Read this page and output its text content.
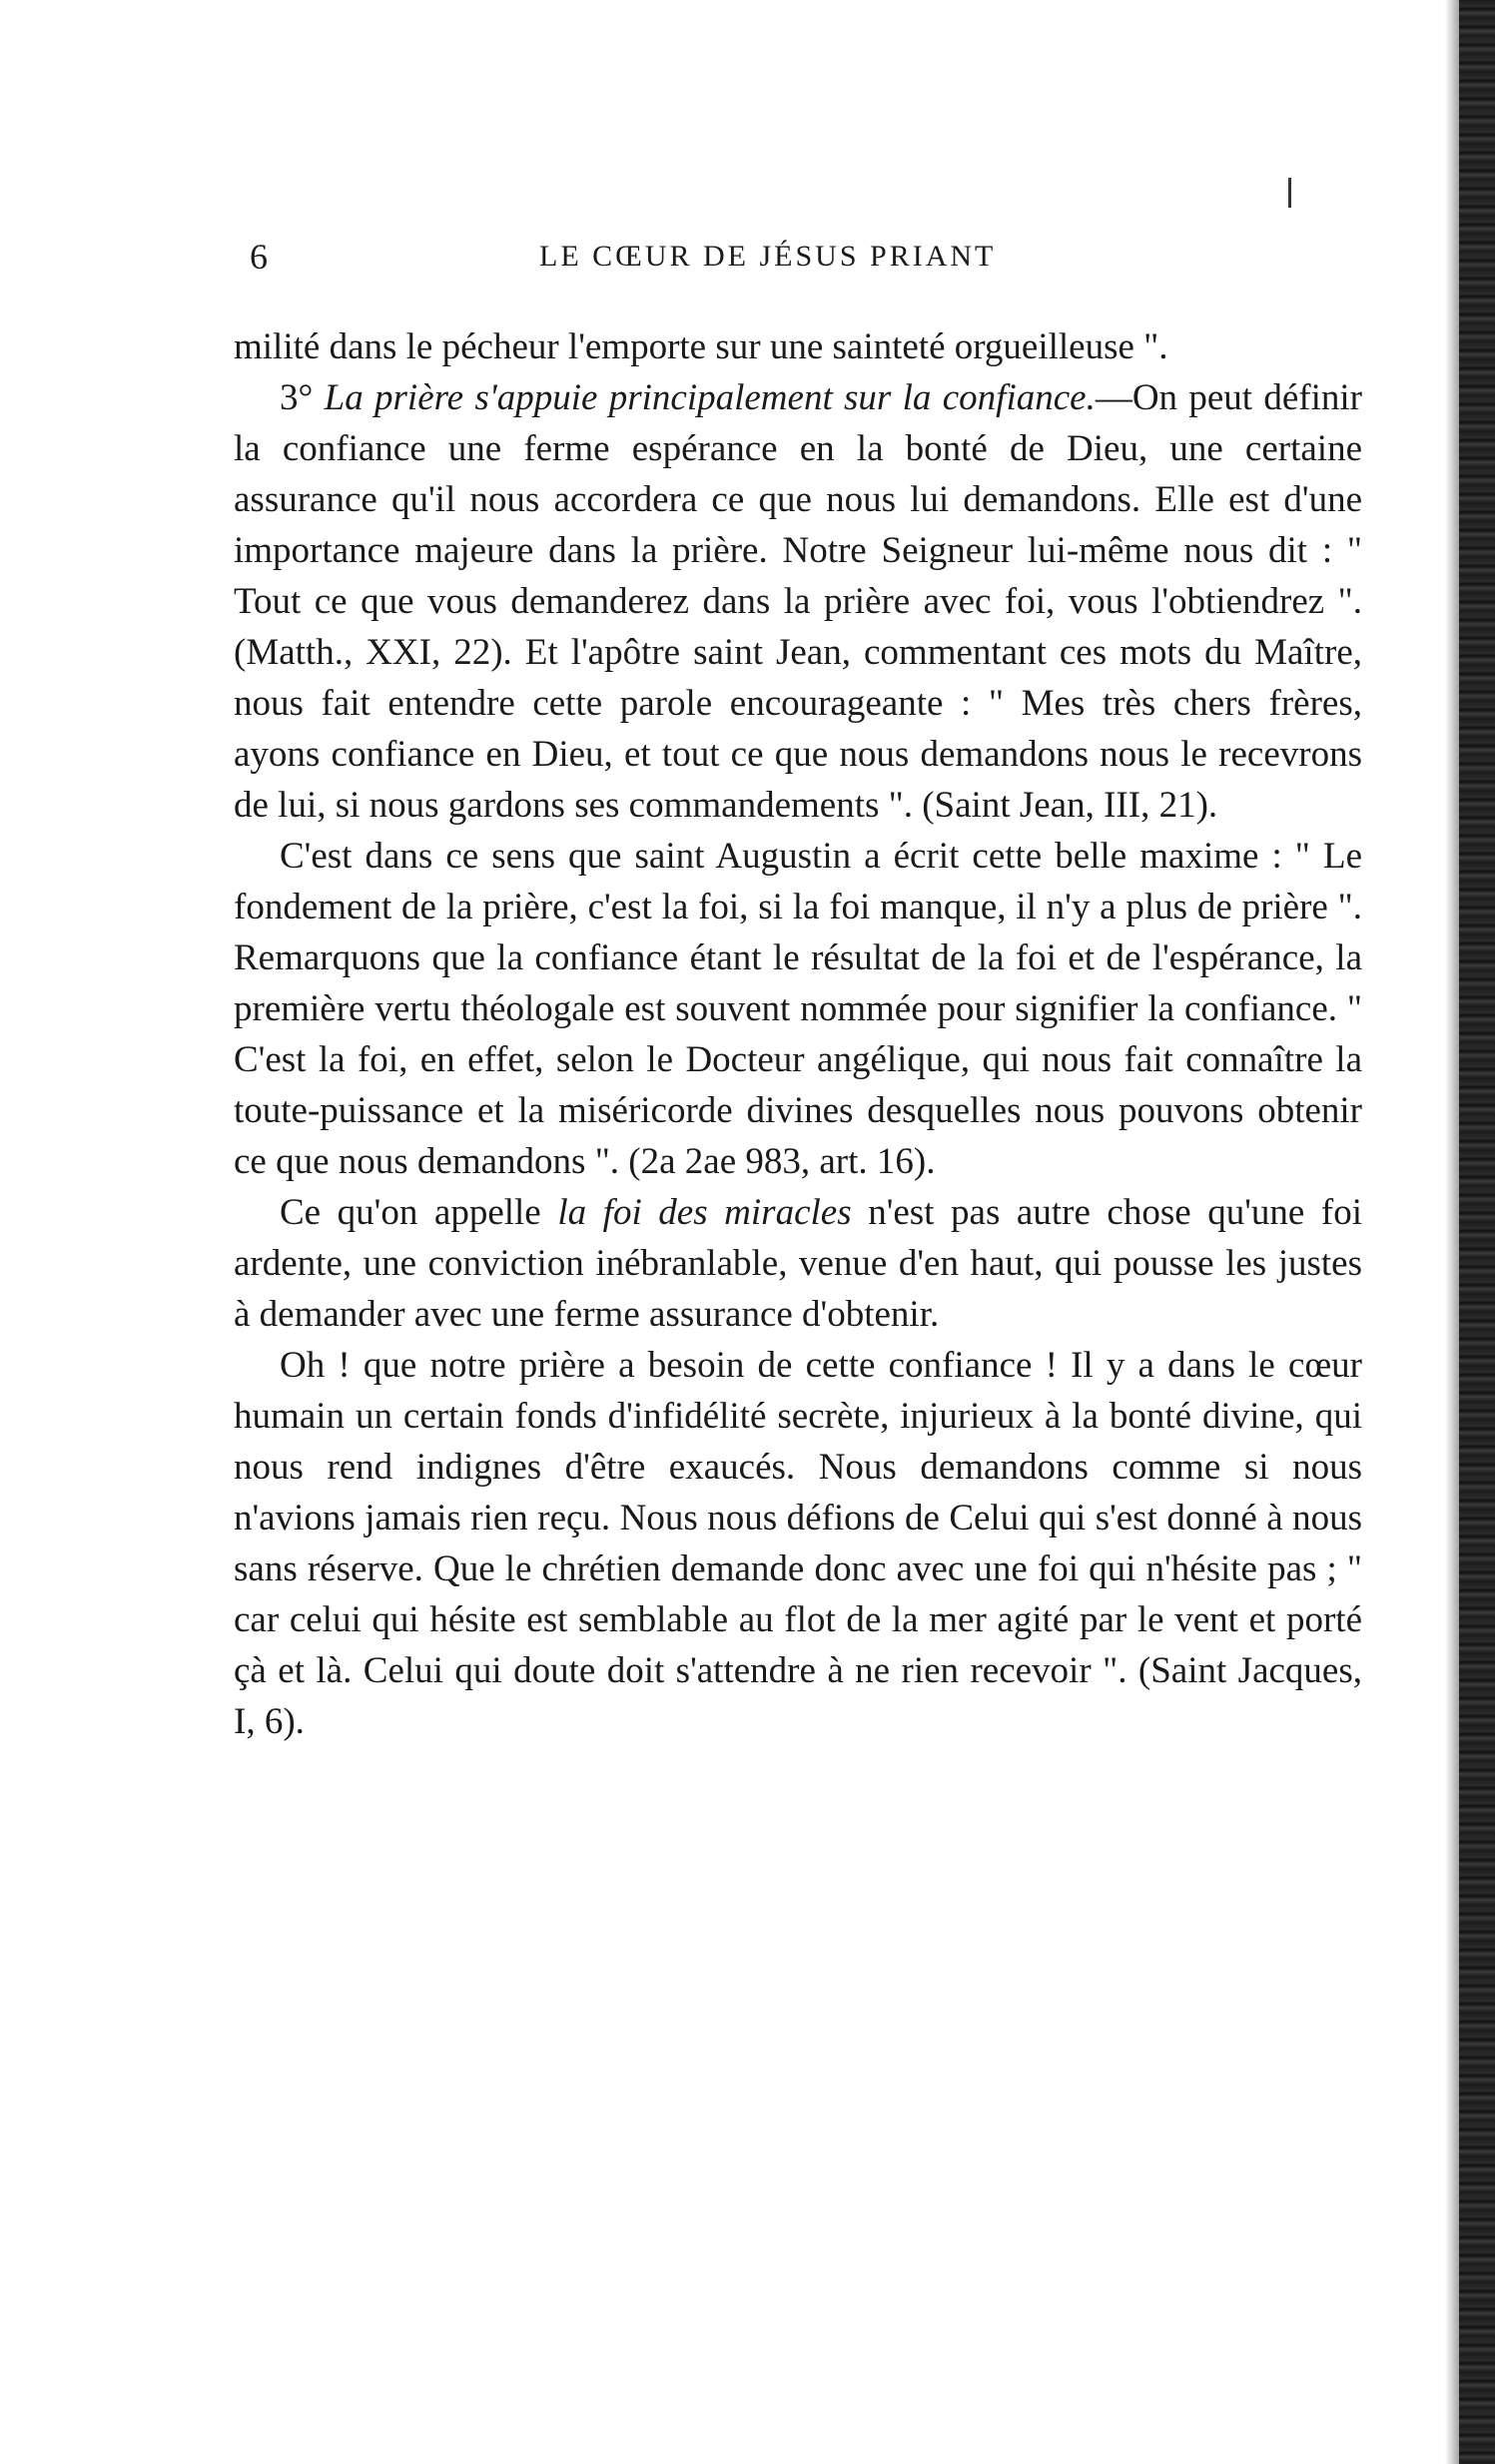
6	LE CŒUR DE JÉSUS PRIANT

milité dans le pécheur l'emporte sur une sainteté orgueilleuse ".

3° La prière s'appuie principalement sur la confiance.—On peut définir la confiance une ferme espérance en la bonté de Dieu, une certaine assurance qu'il nous accordera ce que nous lui demandons. Elle est d'une importance majeure dans la prière. Notre Seigneur lui-même nous dit : " Tout ce que vous demanderez dans la prière avec foi, vous l'obtiendrez ". (Matth., XXI, 22). Et l'apôtre saint Jean, commentant ces mots du Maître, nous fait entendre cette parole encourageante : " Mes très chers frères, ayons confiance en Dieu, et tout ce que nous demandons nous le recevrons de lui, si nous gardons ses commandements ". (Saint Jean, III, 21).

C'est dans ce sens que saint Augustin a écrit cette belle maxime : " Le fondement de la prière, c'est la foi, si la foi manque, il n'y a plus de prière ". Remarquons que la confiance étant le résultat de la foi et de l'espérance, la première vertu théologale est souvent nommée pour signifier la confiance. " C'est la foi, en effet, selon le Docteur angélique, qui nous fait connaître la toute-puissance et la miséricorde divines desquelles nous pouvons obtenir ce que nous demandons ". (2a 2ae 983, art. 16).

Ce qu'on appelle la foi des miracles n'est pas autre chose qu'une foi ardente, une conviction inébranlable, venue d'en haut, qui pousse les justes à demander avec une ferme assurance d'obtenir.

Oh ! que notre prière a besoin de cette confiance ! Il y a dans le cœur humain un certain fonds d'infidélité secrète, injurieux à la bonté divine, qui nous rend indignes d'être exaucés. Nous demandons comme si nous n'avions jamais rien reçu. Nous nous défions de Celui qui s'est donné à nous sans réserve. Que le chrétien demande donc avec une foi qui n'hésite pas ; " car celui qui hésite est semblable au flot de la mer agité par le vent et porté çà et là. Celui qui doute doit s'attendre à ne rien recevoir ". (Saint Jacques, I, 6).
